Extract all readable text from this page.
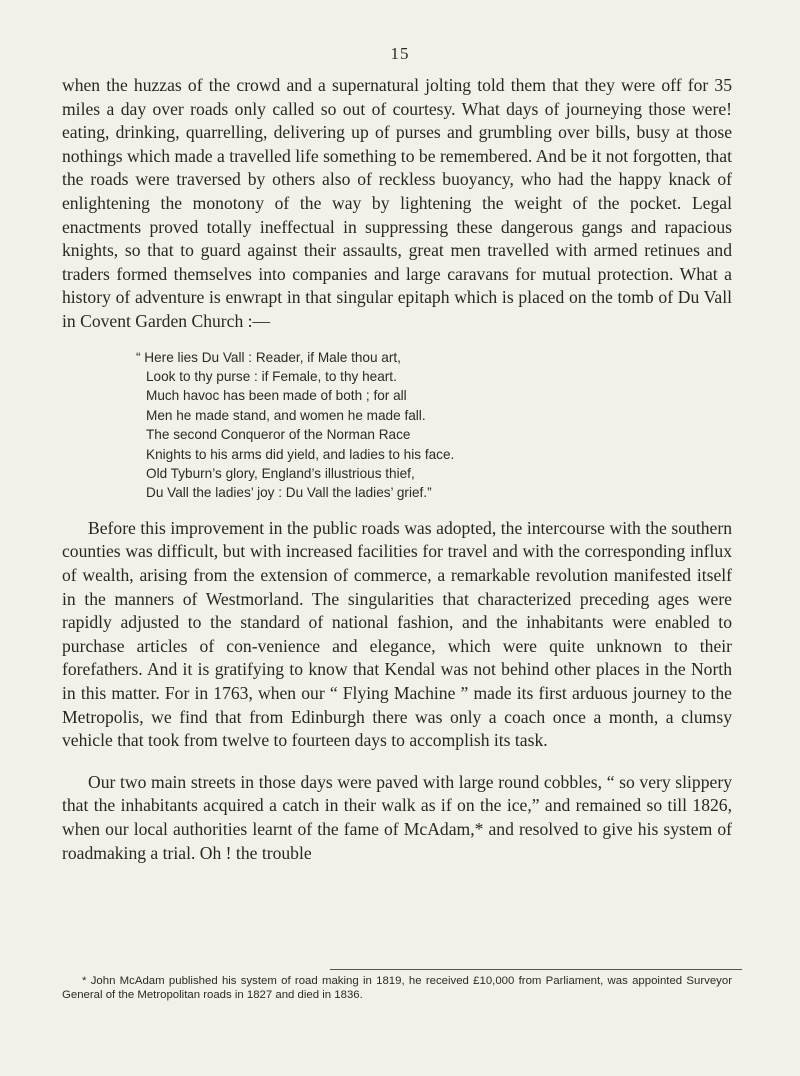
15

when the huzzas of the crowd and a supernatural jolting told them that they were off for 35 miles a day over roads only called so out of courtesy. What days of journeying those were! eating, drinking, quarrelling, delivering up of purses and grumbling over bills, busy at those nothings which made a travelled life something to be remembered. And be it not forgotten, that the roads were traversed by others also of reckless buoyancy, who had the happy knack of enlightening the monotony of the way by lightening the weight of the pocket. Legal enactments proved totally ineffectual in suppressing these dangerous gangs and rapacious knights, so that to guard against their assaults, great men travelled with armed retinues and traders formed themselves into companies and large caravans for mutual protection. What a history of adventure is enwrapt in that singular epitaph which is placed on the tomb of Du Vall in Covent Garden Church :—

“ Here lies Du Vall : Reader, if Male thou art,
Look to thy purse : if Female, to thy heart.
Much havoc has been made of both ; for all
Men he made stand, and women he made fall.
The second Conqueror of the Norman Race
Knights to his arms did yield, and ladies to his face.
Old Tyburn’s glory, England’s illustrious thief,
Du Vall the ladies’ joy : Du Vall the ladies’ grief.”

Before this improvement in the public roads was adopted, the intercourse with the southern counties was difficult, but with increased facilities for travel and with the corresponding influx of wealth, arising from the extension of commerce, a remarkable revolution manifested itself in the manners of Westmorland. The singularities that characterized preceding ages were rapidly adjusted to the standard of national fashion, and the inhabitants were enabled to purchase articles of con-venience and elegance, which were quite unknown to their forefathers. And it is gratifying to know that Kendal was not behind other places in the North in this matter. For in 1763, when our “ Flying Machine ” made its first arduous journey to the Metropolis, we find that from Edinburgh there was only a coach once a month, a clumsy vehicle that took from twelve to fourteen days to accomplish its task.

Our two main streets in those days were paved with large round cobbles, “ so very slippery that the inhabitants acquired a catch in their walk as if on the ice,” and remained so till 1826, when our local authorities learnt of the fame of McAdam,* and resolved to give his system of roadmaking a trial. Oh ! the trouble

* John McAdam published his system of road making in 1819, he received £10,000 from Parliament, was appointed Surveyor General of the Metropolitan roads in 1827 and died in 1836.
